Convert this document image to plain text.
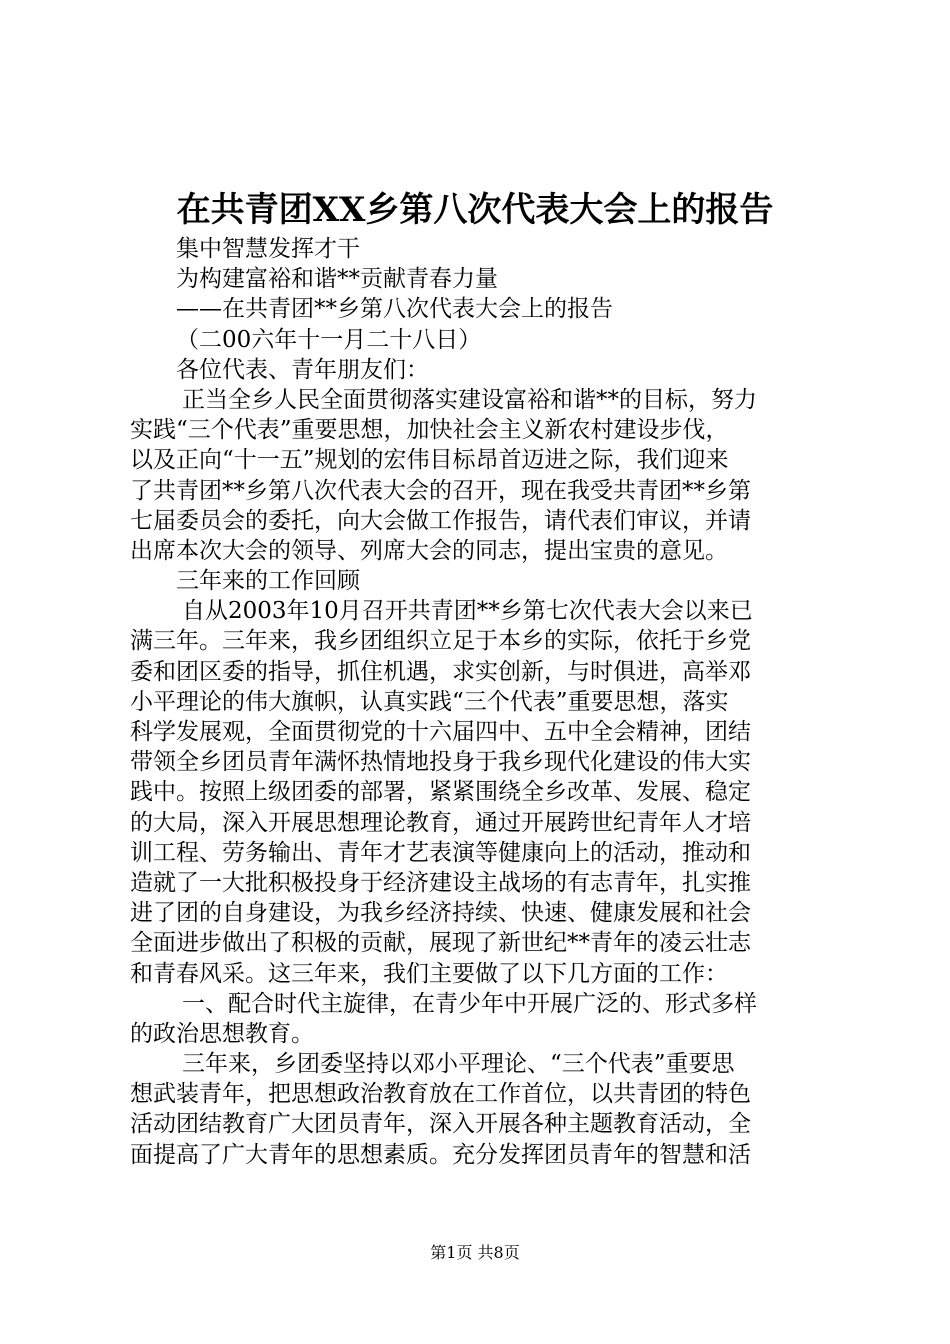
在共青团XX乡第八次代表大会上的报告
集中智慧发挥才干
为构建富裕和谐**贡献青春力量
——在共青团**乡第八次代表大会上的报告
（二00六年十一月二十八日）
各位代表、青年朋友们：
正当全乡人民全面贯彻落实建设富裕和谐**的目标，努力
实践“三个代表”重要思想，加快社会主义新农村建设步伐，
以及正向“十一五”规划的宏伟目标昂首迈进之际，我们迎来
了共青团**乡第八次代表大会的召开，现在我受共青团**乡第
七届委员会的委托，向大会做工作报告，请代表们审议，并请
出席本次大会的领导、列席大会的同志，提出宝贵的意见。
三年来的工作回顾
自从2003年10月召开共青团**乡第七次代表大会以来已
满三年。三年来，我乡团组织立足于本乡的实际，依托于乡党
委和团区委的指导，抓住机遇，求实创新，与时俱进，高举邓
小平理论的伟大旗帜，认真实践“三个代表”重要思想，落实
科学发展观，全面贯彻党的十六届四中、五中全会精神，团结
带领全乡团员青年满怀热情地投身于我乡现代化建设的伟大实
践中。按照上级团委的部署，紧紧围绕全乡改革、发展、稳定
的大局，深入开展思想理论教育，通过开展跨世纪青年人才培
训工程、劳务输出、青年才艺表演等健康向上的活动，推动和
造就了一大批积极投身于经济建设主战场的有志青年，扎实推
进了团的自身建设，为我乡经济持续、快速、健康发展和社会
全面进步做出了积极的贡献，展现了新世纪**青年的凌云壮志
和青春风采。这三年来，我们主要做了以下几方面的工作：
一、配合时代主旋律，在青少年中开展广泛的、形式多样
的政治思想教育。
三年来，乡团委坚持以邓小平理论、“三个代表”重要思
想武装青年，把思想政治教育放在工作首位，以共青团的特色
活动团结教育广大团员青年，深入开展各种主题教育活动，全
面提高了广大青年的思想素质。充分发挥团员青年的智慧和活
第1页 共8页
